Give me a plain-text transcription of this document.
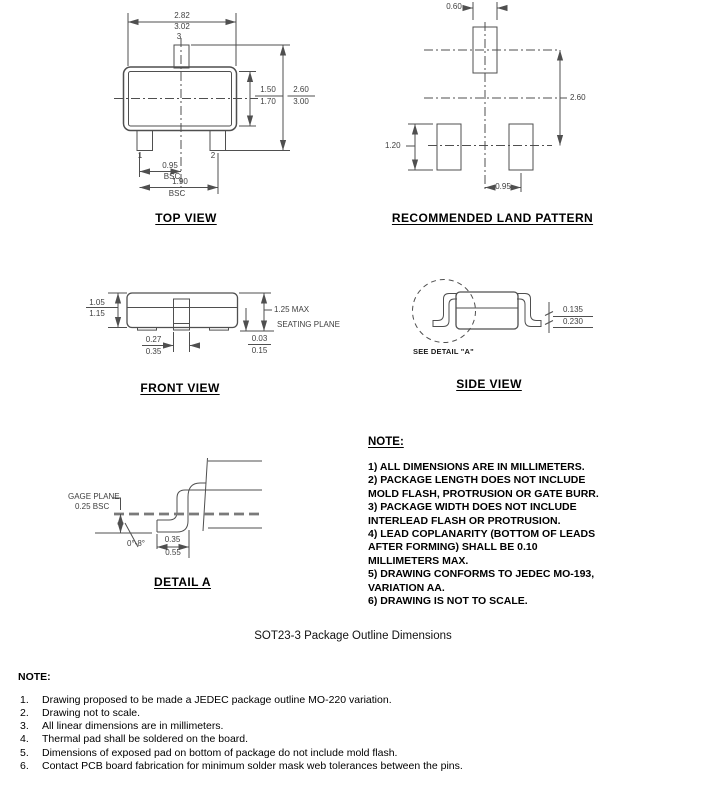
2.82
3.02
3
1.50
1.70
2.60
3.00
1	2
0.95
BSC
1.90
BSC
TOP VIEW
0.60
2.60
1.20
0.95
RECOMMENDED LAND PATTERN
1.05
1.15	1.25 MAX
SEATING PLANE
0.27
0.35
0.03
0.15
FRONT VIEW
0.135
0.230
SEE DETAIL "A"
SIDE VIEW
GAGE PLANE
0.25 BSC
0°-8° 0.35
0.55
DETAIL A
NOTE:
1) ALL DIMENSIONS ARE IN MILLIMETERS.
2) PACKAGE LENGTH DOES NOT INCLUDE
MOLD FLASH, PROTRUSION OR GATE BURR.
3) PACKAGE WIDTH DOES NOT INCLUDE
INTERLEAD FLASH OR PROTRUSION.
4) LEAD COPLANARITY (BOTTOM OF LEADS
AFTER FORMING) SHALL BE 0.10
MILLIMETERS MAX.
5) DRAWING CONFORMS TO JEDEC MO-193,
VARIATION AA.
6) DRAWING IS NOT TO SCALE.
SOT23-3 Package Outline Dimensions
NOTE:
1.	Drawing proposed to be made a JEDEC package outline MO-220 variation.
2.	Drawing not to scale.
3.	All linear dimensions are in millimeters.
4.	Thermal pad shall be soldered on the board.
5.	Dimensions of exposed pad on bottom of package do not include mold flash.
6.	Contact PCB board fabrication for minimum solder mask web tolerances between the pins.
